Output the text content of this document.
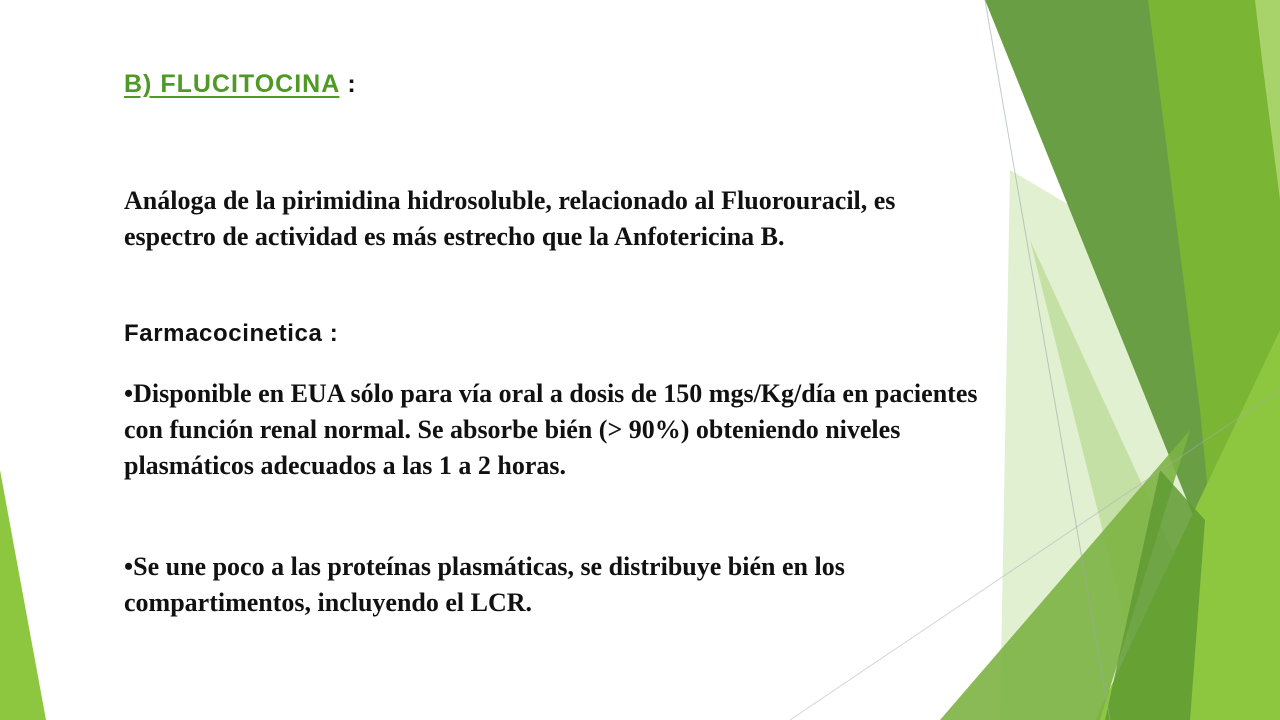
B) FLUCITOCINA :

Análoga de la pirimidina hidrosoluble, relacionado al Fluorouracil, es espectro de actividad es más estrecho que la Anfotericina B.

Farmacocinetica :

•Disponible en EUA sólo para vía oral a dosis de 150 mgs/Kg/día en pacientes con función renal normal. Se absorbe bién (> 90%) obteniendo niveles plasmáticos adecuados a las 1 a 2 horas.

•Se une poco a las proteínas plasmáticas, se distribuye bién en los compartimentos, incluyendo el LCR.
